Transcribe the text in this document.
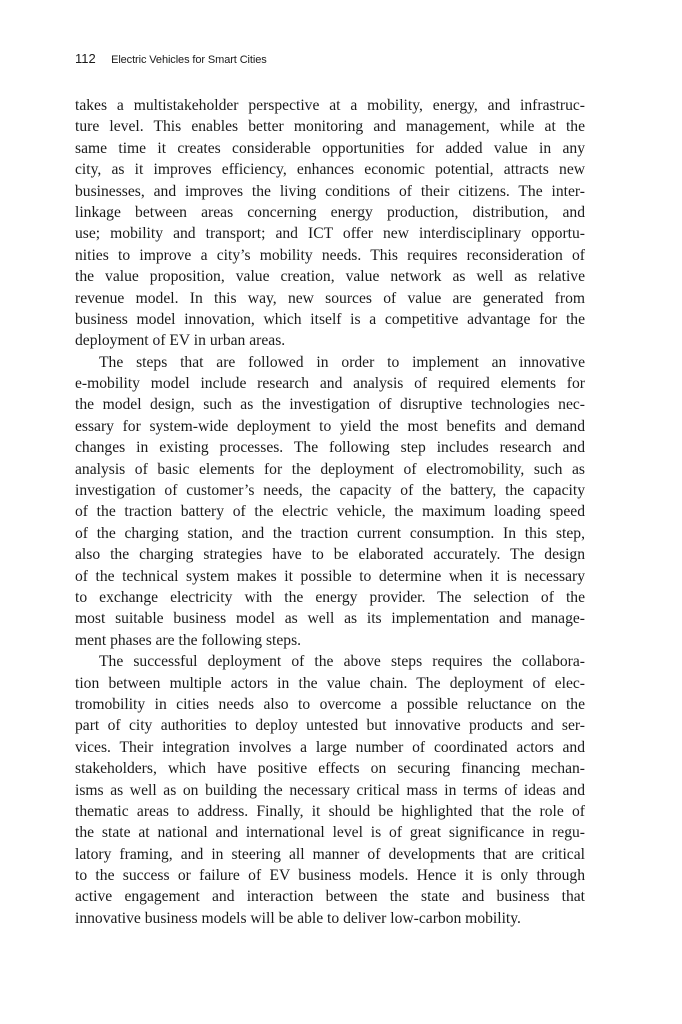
112 Electric Vehicles for Smart Cities
takes a multistakeholder perspective at a mobility, energy, and infrastruc-
ture level. This enables better monitoring and management, while at the
same time it creates considerable opportunities for added value in any
city, as it improves efficiency, enhances economic potential, attracts new
businesses, and improves the living conditions of their citizens. The inter-
linkage between areas concerning energy production, distribution, and
use; mobility and transport; and ICT offer new interdisciplinary opportu-
nities to improve a city’s mobility needs. This requires reconsideration of
the value proposition, value creation, value network as well as relative
revenue model. In this way, new sources of value are generated from
business model innovation, which itself is a competitive advantage for the
deployment of EV in urban areas.
The steps that are followed in order to implement an innovative
e-mobility model include research and analysis of required elements for
the model design, such as the investigation of disruptive technologies nec-
essary for system-wide deployment to yield the most benefits and demand
changes in existing processes. The following step includes research and
analysis of basic elements for the deployment of electromobility, such as
investigation of customer’s needs, the capacity of the battery, the capacity
of the traction battery of the electric vehicle, the maximum loading speed
of the charging station, and the traction current consumption. In this step,
also the charging strategies have to be elaborated accurately. The design
of the technical system makes it possible to determine when it is necessary
to exchange electricity with the energy provider. The selection of the
most suitable business model as well as its implementation and manage-
ment phases are the following steps.
The successful deployment of the above steps requires the collabora-
tion between multiple actors in the value chain. The deployment of elec-
tromobility in cities needs also to overcome a possible reluctance on the
part of city authorities to deploy untested but innovative products and ser-
vices. Their integration involves a large number of coordinated actors and
stakeholders, which have positive effects on securing financing mechan-
isms as well as on building the necessary critical mass in terms of ideas and
thematic areas to address. Finally, it should be highlighted that the role of
the state at national and international level is of great significance in regu-
latory framing, and in steering all manner of developments that are critical
to the success or failure of EV business models. Hence it is only through
active engagement and interaction between the state and business that
innovative business models will be able to deliver low-carbon mobility.
